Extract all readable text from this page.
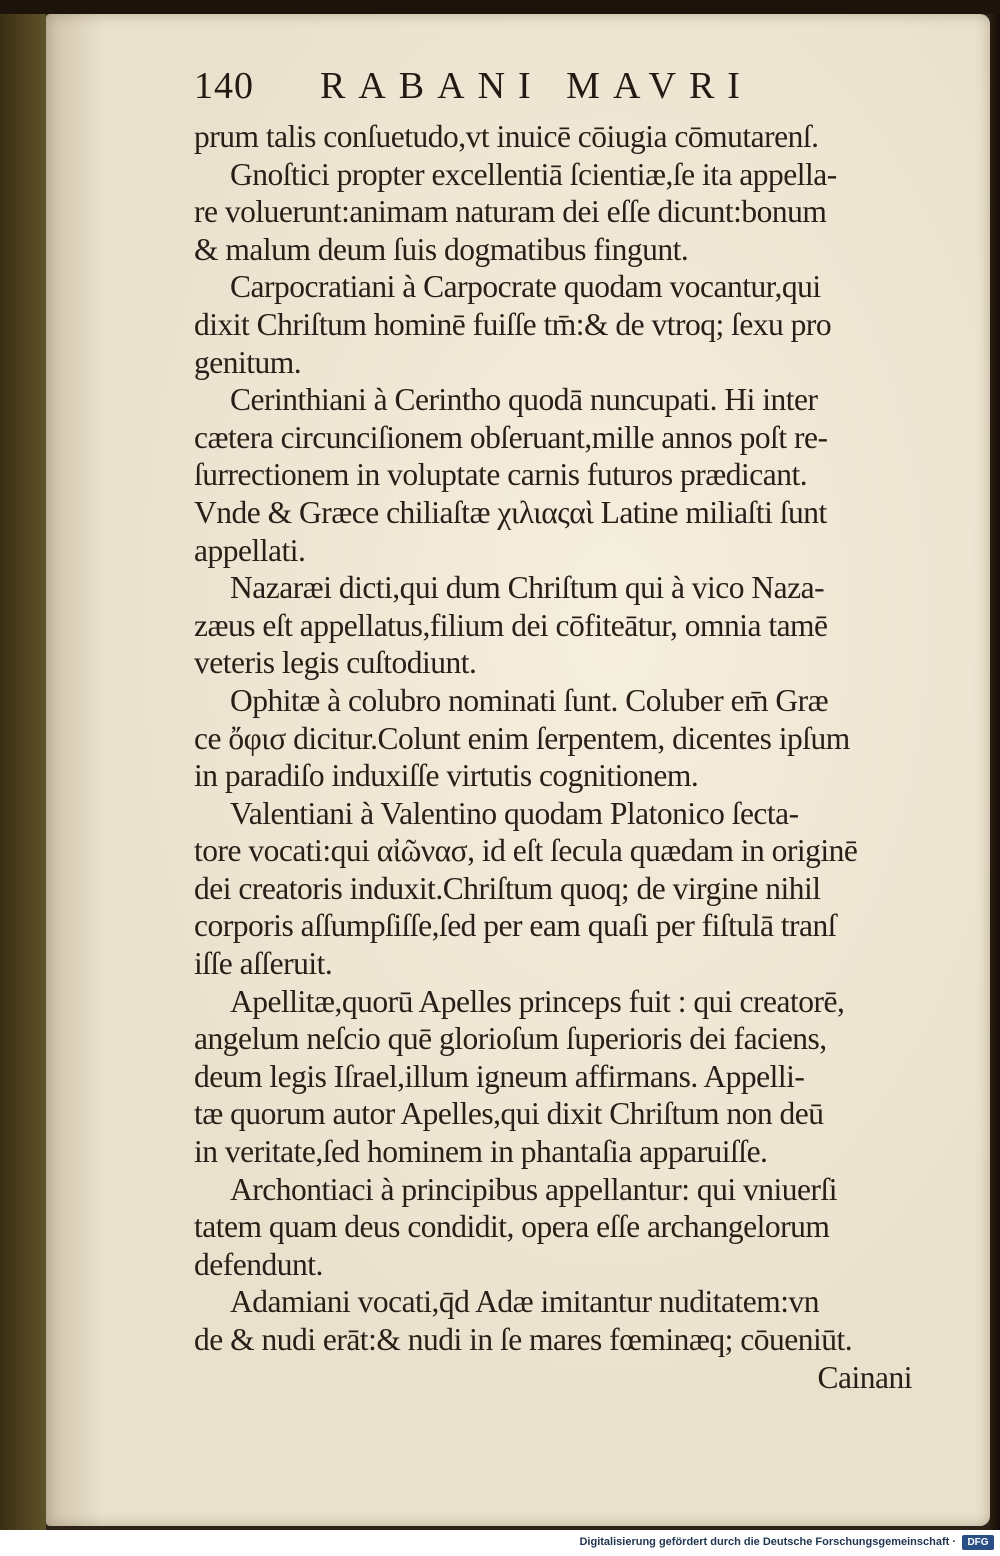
140 RABANI MAVRI
prum talis conſuetudo,vt inuicē cōiugia cōmutarenſ.
Gnoſtici propter excellentiā ſcientiæ,ſe ita appella-
re voluerunt:animam naturam dei eſſe dicunt:bonum
& malum deum ſuis dogmatibus fingunt.
Carpocratiani à Carpocrate quodam vocantur,qui
dixit Chriſtum hominē fuiſſe tm̄:& de vtroq; ſexu pro
genitum.
Cerinthiani à Cerintho quodā nuncupati. Hi inter
cætera circunciſionem obſeruant,mille annos poſt re-
ſurrectionem in voluptate carnis futuros prædicant.
Vnde & Græce chiliaſtæ χιλιαςαὶ Latine miliaſti ſunt
appellati.
Nazaræi dicti,qui dum Chriſtum qui à vico Naza-
zæus eſt appellatus,filium dei cōfiteātur, omnia tamē
veteris legis cuſtodiunt.
Ophitæ à colubro nominati ſunt. Coluber em̄ Græ
ce ὄφισ dicitur.Colunt enim ſerpentem, dicentes ipſum
in paradiſo induxiſſe virtutis cognitionem.
Valentiani à Valentino quodam Platonico ſecta-
tore vocati:qui αἰῶνασ, id eſt ſecula quædam in originē
dei creatoris induxit.Chriſtum quoq; de virgine nihil
corporis aſſumpſiſſe,ſed per eam quaſi per fiſtulā tranſ
iſſe aſſeruit.
Apellitæ,quorū Apelles princeps fuit : qui creatorē,
angelum neſcio quē glorioſum ſuperioris dei faciens,
deum legis Iſrael,illum igneum affirmans. Appelli-
tæ quorum autor Apelles,qui dixit Chriſtum non deū
in veritate,ſed hominem in phantaſia apparuiſſe.
Archontiaci à principibus appellantur: qui vniuerſi
tatem quam deus condidit, opera eſſe archangelorum
defendunt.
Adamiani vocati,q̄d Adæ imitantur nuditatem:vn
de & nudi erāt:& nudi in ſe mares fœminæq; cōueniūt.
Cainani
Digitalisierung gefördert durch die Deutsche Forschungsgemeinschaft ·	DFG
